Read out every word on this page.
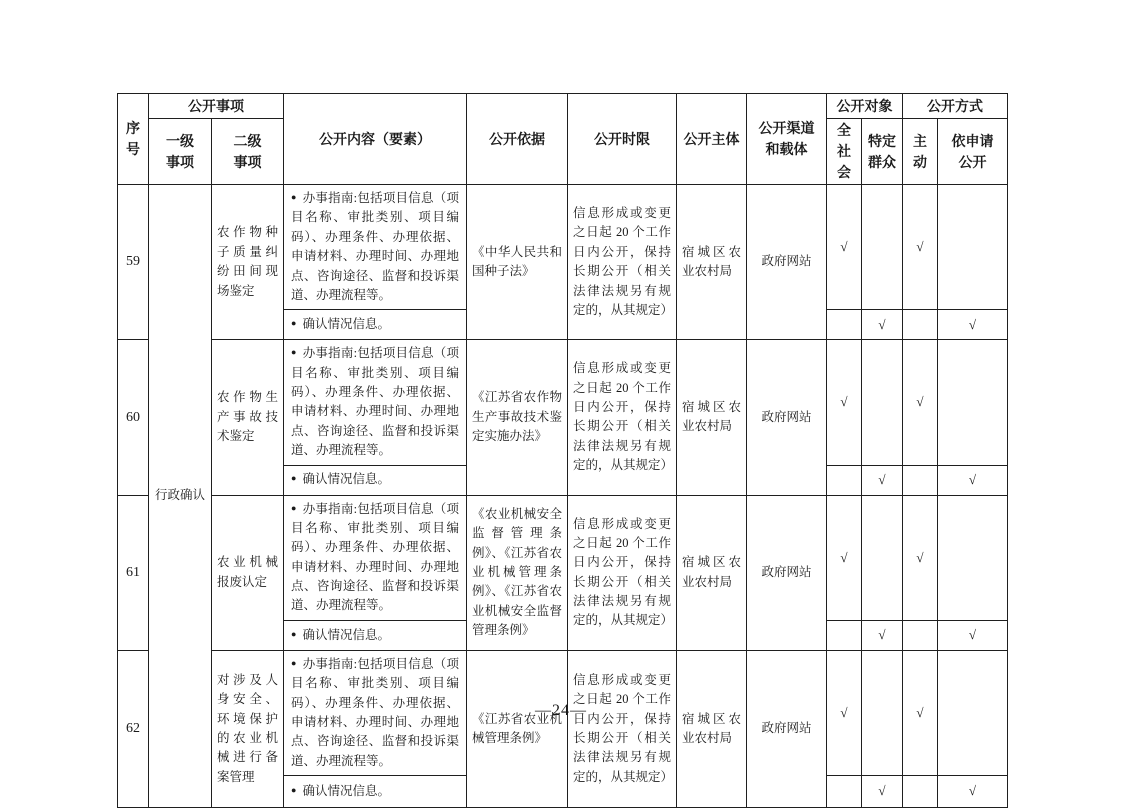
序号	公开事项		公开内容（要素）	公开依据	公开时限	公开主体	公开渠道和载体	公开对象		公开方式	
	一级事项	二级事项						全社会	特定群众	主动	依申请公开
59	行政确认	农作物种子质量纠纷田间现场鉴定	● 办事指南:包括项目信息（项目名称、审批类别、项目编码）、办理条件、办理依据、申请材料、办理时间、办理地点、咨询途径、监督和投诉渠道、办理流程等。	《中华人民共和国种子法》	信息形成或变更之日起 20 个工作日内公开，保持长期公开（相关法律法规另有规定的，从其规定）	宿城区农业农村局	政府网站	√		√	
			● 确认情况信息。						√		√
60		农作物生产事故技术鉴定	● 办事指南:包括项目信息（项目名称、审批类别、项目编码）、办理条件、办理依据、申请材料、办理时间、办理地点、咨询途径、监督和投诉渠道、办理流程等。	《江苏省农作物生产事故技术鉴定实施办法》	信息形成或变更之日起 20 个工作日内公开，保持长期公开（相关法律法规另有规定的，从其规定）	宿城区农业农村局	政府网站	√		√	
			● 确认情况信息。						√		√
61		农业机械报废认定	● 办事指南:包括项目信息（项目名称、审批类别、项目编码）、办理条件、办理依据、申请材料、办理时间、办理地点、咨询途径、监督和投诉渠道、办理流程等。	《农业机械安全监督管理条例》、《江苏省农业机械管理条例》、《江苏省农业机械安全监督管理条例》	信息形成或变更之日起 20 个工作日内公开，保持长期公开（相关法律法规另有规定的，从其规定）	宿城区农业农村局	政府网站	√		√	
			● 确认情况信息。						√		√
62		对涉及人身安全、环境保护的农业机械进行备案管理	● 办事指南:包括项目信息（项目名称、审批类别、项目编码）、办理条件、办理依据、申请材料、办理时间、办理地点、咨询途径、监督和投诉渠道、办理流程等。	《江苏省农业机械管理条例》	信息形成或变更之日起 20 个工作日内公开，保持长期公开（相关法律法规另有规定的，从其规定）	宿城区农业农村局	政府网站	√		√	
			● 确认情况信息。						√		√
—24—
